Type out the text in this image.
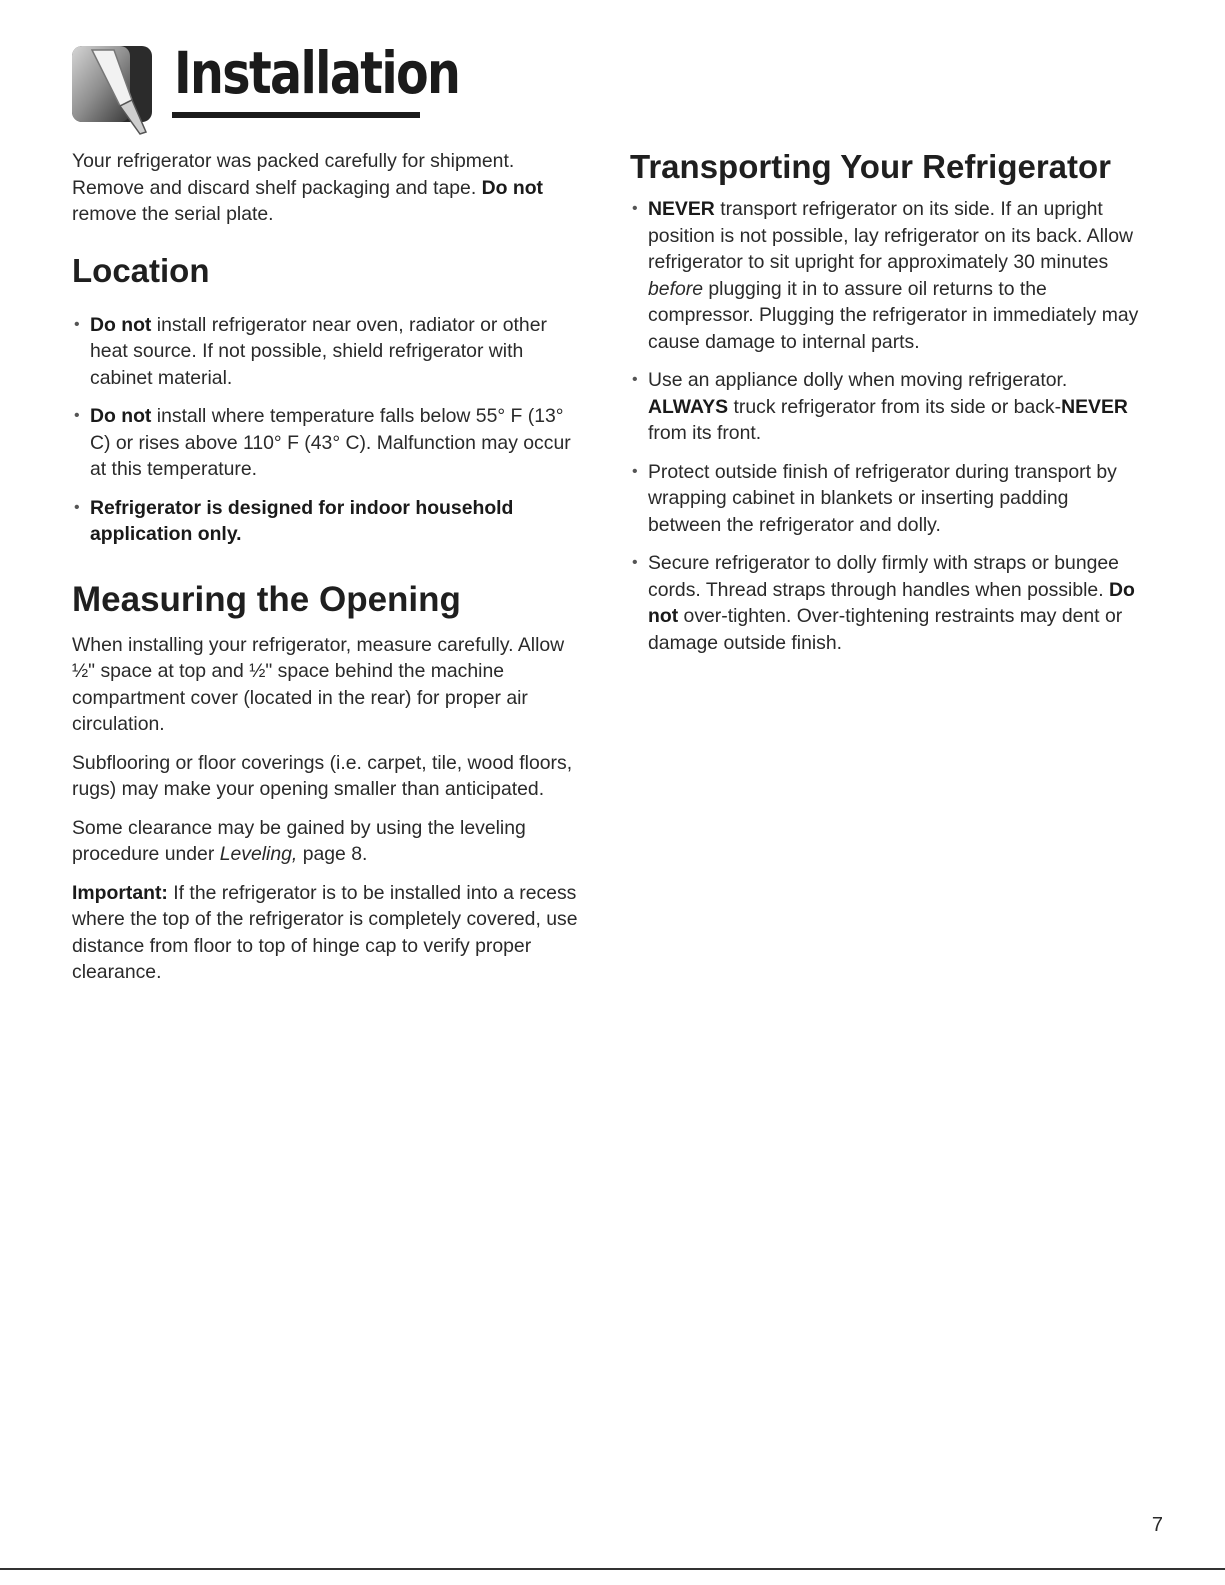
Installation

Your refrigerator was packed carefully for shipment. Remove and discard shelf packaging and tape. Do not remove the serial plate.

Location
• Do not install refrigerator near oven, radiator or other heat source. If not possible, shield refrigerator with cabinet material.
• Do not install where temperature falls below 55° F (13° C) or rises above 110° F (43° C). Malfunction may occur at this temperature.
• Refrigerator is designed for indoor household application only.
Measuring the Opening

When installing your refrigerator, measure carefully. Allow ½" space at top and ½" space behind the machine compartment cover (located in the rear) for proper air circulation.

Subflooring or floor coverings (i.e. carpet, tile, wood floors, rugs) may make your opening smaller than anticipated.

Some clearance may be gained by using the leveling procedure under Leveling, page 8.

Important: If the refrigerator is to be installed into a recess where the top of the refrigerator is completely covered, use distance from floor to top of hinge cap to verify proper clearance.

Transporting Your Refrigerator
• NEVER transport refrigerator on its side. If an upright position is not possible, lay refrigerator on its back. Allow refrigerator to sit upright for approximately 30 minutes before plugging it in to assure oil returns to the compressor. Plugging the refrigerator in immediately may cause damage to internal parts.
• Use an appliance dolly when moving refrigerator. ALWAYS truck refrigerator from its side or back-NEVER from its front.
• Protect outside finish of refrigerator during transport by wrapping cabinet in blankets or inserting padding between the refrigerator and dolly.
• Secure refrigerator to dolly firmly with straps or bungee cords. Thread straps through handles when possible. Do not over-tighten. Over-tightening restraints may dent or damage outside finish.
7
